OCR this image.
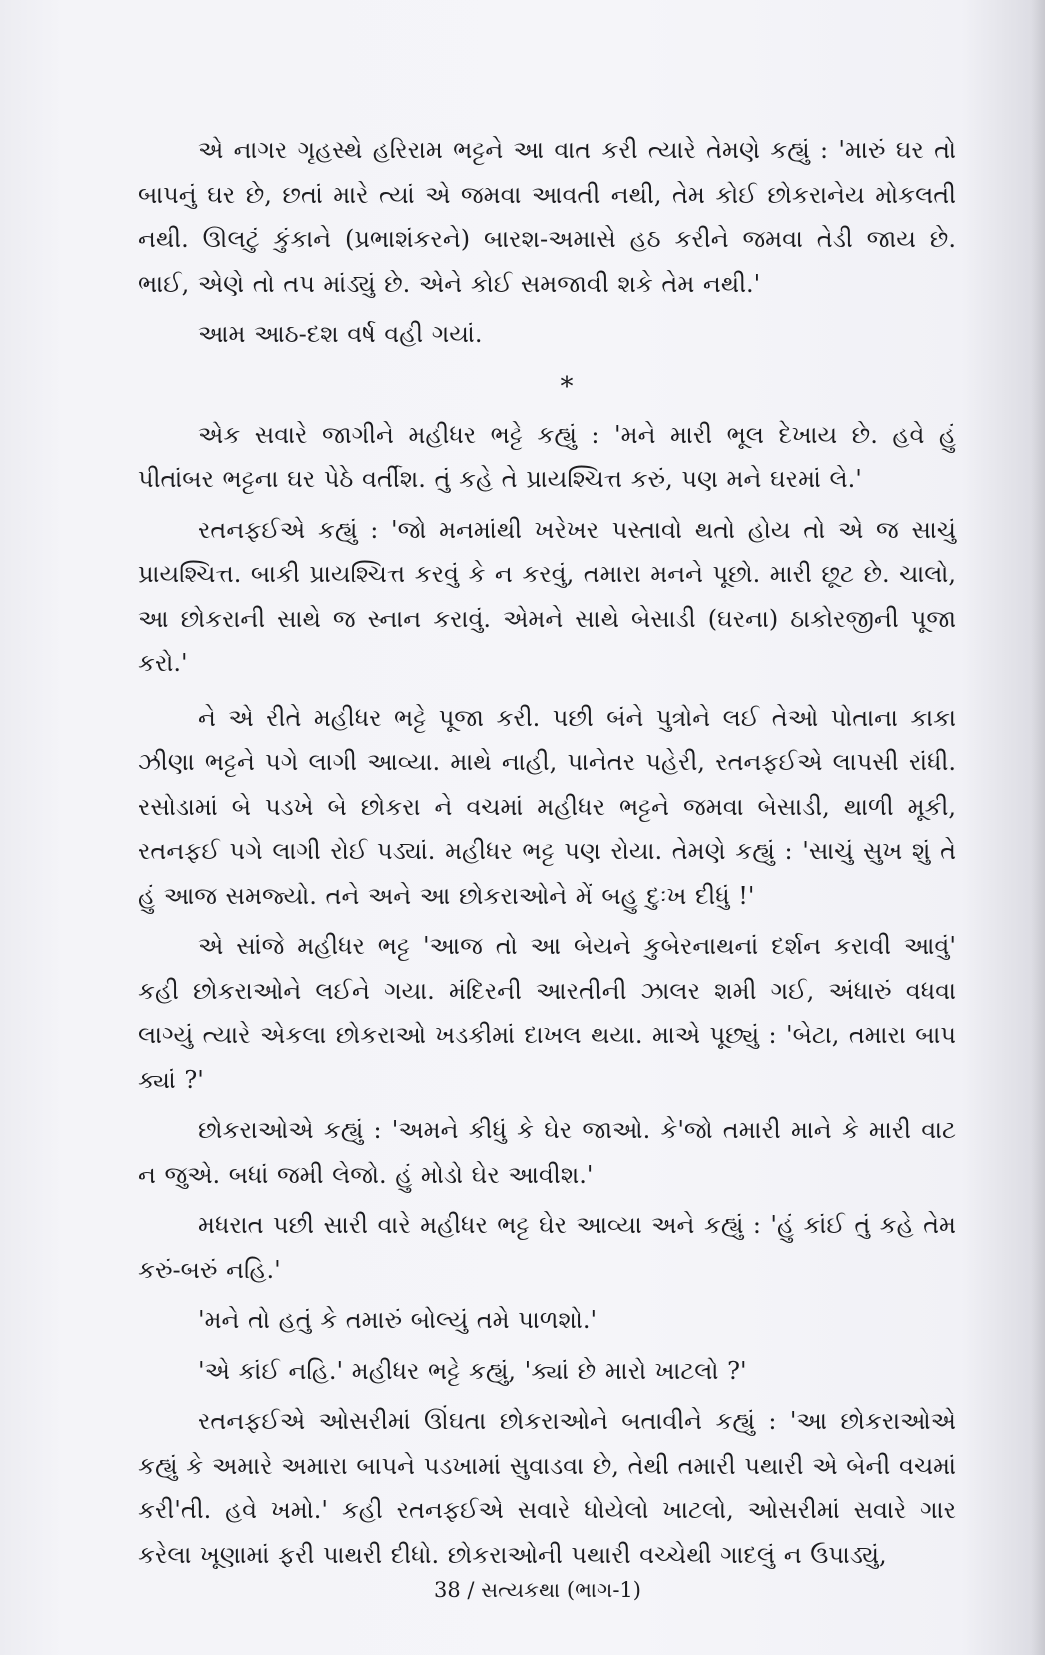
એ નાગર ગૃહસ્થે હરિરામ ભટ્ટને આ વાત કરી ત્યારે તેમણે કહ્યું : 'મારું ઘર તો બાપનું ઘર છે, છતાં મારે ત્યાં એ જમવા આવતી નથી, તેમ કોઈ છોકરાનેય મોકલતી નથી. ઊલટું કુંકાને (પ્રભાશંકરને) બારશ-અમાસે હઠ કરીને જમવા તેડી જાય છે. ભાઈ, એણે તો તપ માંડ્યું છે. એને કોઈ સમજાવી શકે તેમ નથી.'

આમ આઠ-દશ વર્ષ વહી ગયાં.

*

એક સવારે જાગીને મહીધર ભટ્ટે કહ્યું : 'મને મારી ભૂલ દેખાય છે. હવે હું પીતાંબર ભટ્ટના ઘર પેઠે વર્તીશ. તું કહે તે પ્રાયશ્ચિત્ત કરું, પણ મને ઘરમાં લે.'

રતનફઈએ કહ્યું : 'જો મનમાંથી ખરેખર પસ્તાવો થતો હોય તો એ જ સાચું પ્રાયશ્ચિત્ત. બાકી પ્રાયશ્ચિત્ત કરવું કે ન કરવું, તમારા મનને પૂછો. મારી છૂટ છે. ચાલો, આ છોકરાની સાથે જ સ્નાન કરાવું. એમને સાથે બેસાડી (ઘરના) ઠાકોરજીની પૂજા કરો.'

ને એ રીતે મહીધર ભટ્ટે પૂજા કરી. પછી બંને પુત્રોને લઈ તેઓ પોતાના કાકા ઝીણા ભટ્ટને પગે લાગી આવ્યા. માથે નાહી, પાનેતર પહેરી, રતનફઈએ લાપસી રાંધી. રસોડામાં બે પડખે બે છોકરા ને વચમાં મહીધર ભટ્ટને જમવા બેસાડી, થાળી મૂકી, રતનફઈ પગે લાગી રોઈ પડ્યાં. મહીધર ભટ્ટ પણ રોયા. તેમણે કહ્યું : 'સાચું સુખ શું તે હું આજ સમજ્યો. તને અને આ છોકરાઓને મેં બહુ દુઃખ દીધું !'

એ સાંજે મહીધર ભટ્ટ 'આજ તો આ બેયને કુબેરનાથનાં દર્શન કરાવી આવું' કહી છોકરાઓને લઈને ગયા. મંદિરની આરતીની ઝાલર શમી ગઈ, અંધારું વધવા લાગ્યું ત્યારે એકલા છોકરાઓ ખડકીમાં દાખલ થયા. માએ પૂછ્યું : 'બેટા, તમારા બાપ ક્યાં ?'

છોકરાઓએ કહ્યું : 'અમને કીધું કે ઘેર જાઓ. કે'જો તમારી માને કે મારી વાટ ન જુએ. બધાં જમી લેજો. હું મોડો ઘેર આવીશ.'

મધરાત પછી સારી વારે મહીધર ભટ્ટ ઘેર આવ્યા અને કહ્યું : 'હું કાંઈ તું કહે તેમ કરું-બરું નહિ.'

'મને તો હતું કે તમારું બોલ્યું તમે પાળશો.'

'એ કાંઈ નહિ.' મહીધર ભટ્ટે કહ્યું, 'ક્યાં છે મારો ખાટલો ?'

રતનફઈએ ઓસરીમાં ઊંઘતા છોકરાઓને બતાવીને કહ્યું : 'આ છોકરાઓએ કહ્યું કે અમારે અમારા બાપને પડખામાં સુવાડવા છે, તેથી તમારી પથારી એ બેની વચમાં કરી'તી. હવે ખમો.' કહી રતનફઈએ સવારે ધોયેલો ખાટલો, ઓસરીમાં સવારે ગાર કરેલા ખૂણામાં ફરી પાથરી દીધો. છોકરાઓની પથારી વચ્ચેથી ગાદલું ન ઉપાડ્યું,

38 / સત્યકથા (ભાગ-1)
